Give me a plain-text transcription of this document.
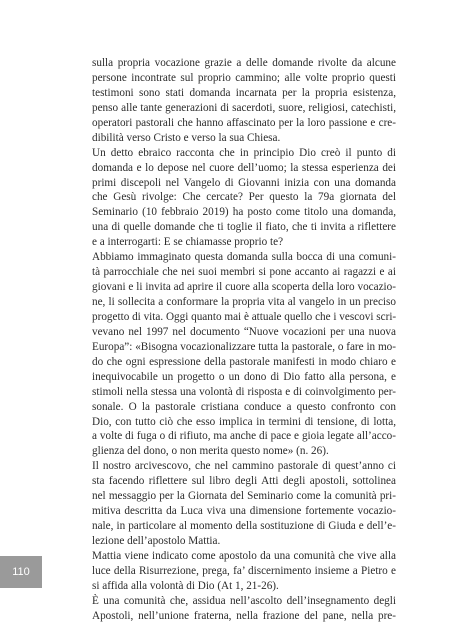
sulla propria vocazione grazie a delle domande rivolte da alcune
persone incontrate sul proprio cammino; alle volte proprio questi
testimoni sono stati domanda incarnata per la propria esistenza,
penso alle tante generazioni di sacerdoti, suore, religiosi, catechisti,
operatori pastorali che hanno affascinato per la loro passione e cre-
dibilità verso Cristo e verso la sua Chiesa.
Un detto ebraico racconta che in principio Dio creò il punto di
domanda e lo depose nel cuore dell’uomo; la stessa esperienza dei
primi discepoli nel Vangelo di Giovanni inizia con una domanda
che Gesù rivolge: Che cercate? Per questo la 79a giornata del
Seminario (10 febbraio 2019) ha posto come titolo una domanda,
una di quelle domande che ti toglie il fiato, che ti invita a riflettere
e a interrogarti: E se chiamasse proprio te?
Abbiamo immaginato questa domanda sulla bocca di una comuni-
tà parrocchiale che nei suoi membri si pone accanto ai ragazzi e ai
giovani e li invita ad aprire il cuore alla scoperta della loro vocazio-
ne, li sollecita a conformare la propria vita al vangelo in un preciso
progetto di vita. Oggi quanto mai è attuale quello che i vescovi scri-
vevano nel 1997 nel documento “Nuove vocazioni per una nuova
Europa”: «Bisogna vocazionalizzare tutta la pastorale, o fare in mo-
do che ogni espressione della pastorale manifesti in modo chiaro e
inequivocabile un progetto o un dono di Dio fatto alla persona, e
stimoli nella stessa una volontà di risposta e di coinvolgimento per-
sonale. O la pastorale cristiana conduce a questo confronto con
Dio, con tutto ciò che esso implica in termini di tensione, di lotta,
a volte di fuga o di rifiuto, ma anche di pace e gioia legate all’acco-
glienza del dono, o non merita questo nome» (n. 26).
Il nostro arcivescovo, che nel cammino pastorale di quest’anno ci
sta facendo riflettere sul libro degli Atti degli apostoli, sottolinea
nel messaggio per la Giornata del Seminario come la comunità pri-
mitiva descritta da Luca viva una dimensione fortemente vocazio-
nale, in particolare al momento della sostituzione di Giuda e dell’e-
lezione dell’apostolo Mattia.
Mattia viene indicato come apostolo da una comunità che vive alla
luce della Risurrezione, prega, fa’ discernimento insieme a Pietro e
si affida alla volontà di Dio (At 1, 21-26).
È una comunità che, assidua nell’ascolto dell’insegnamento degli
Apostoli, nell’unione fraterna, nella frazione del pane, nella pre-
110
